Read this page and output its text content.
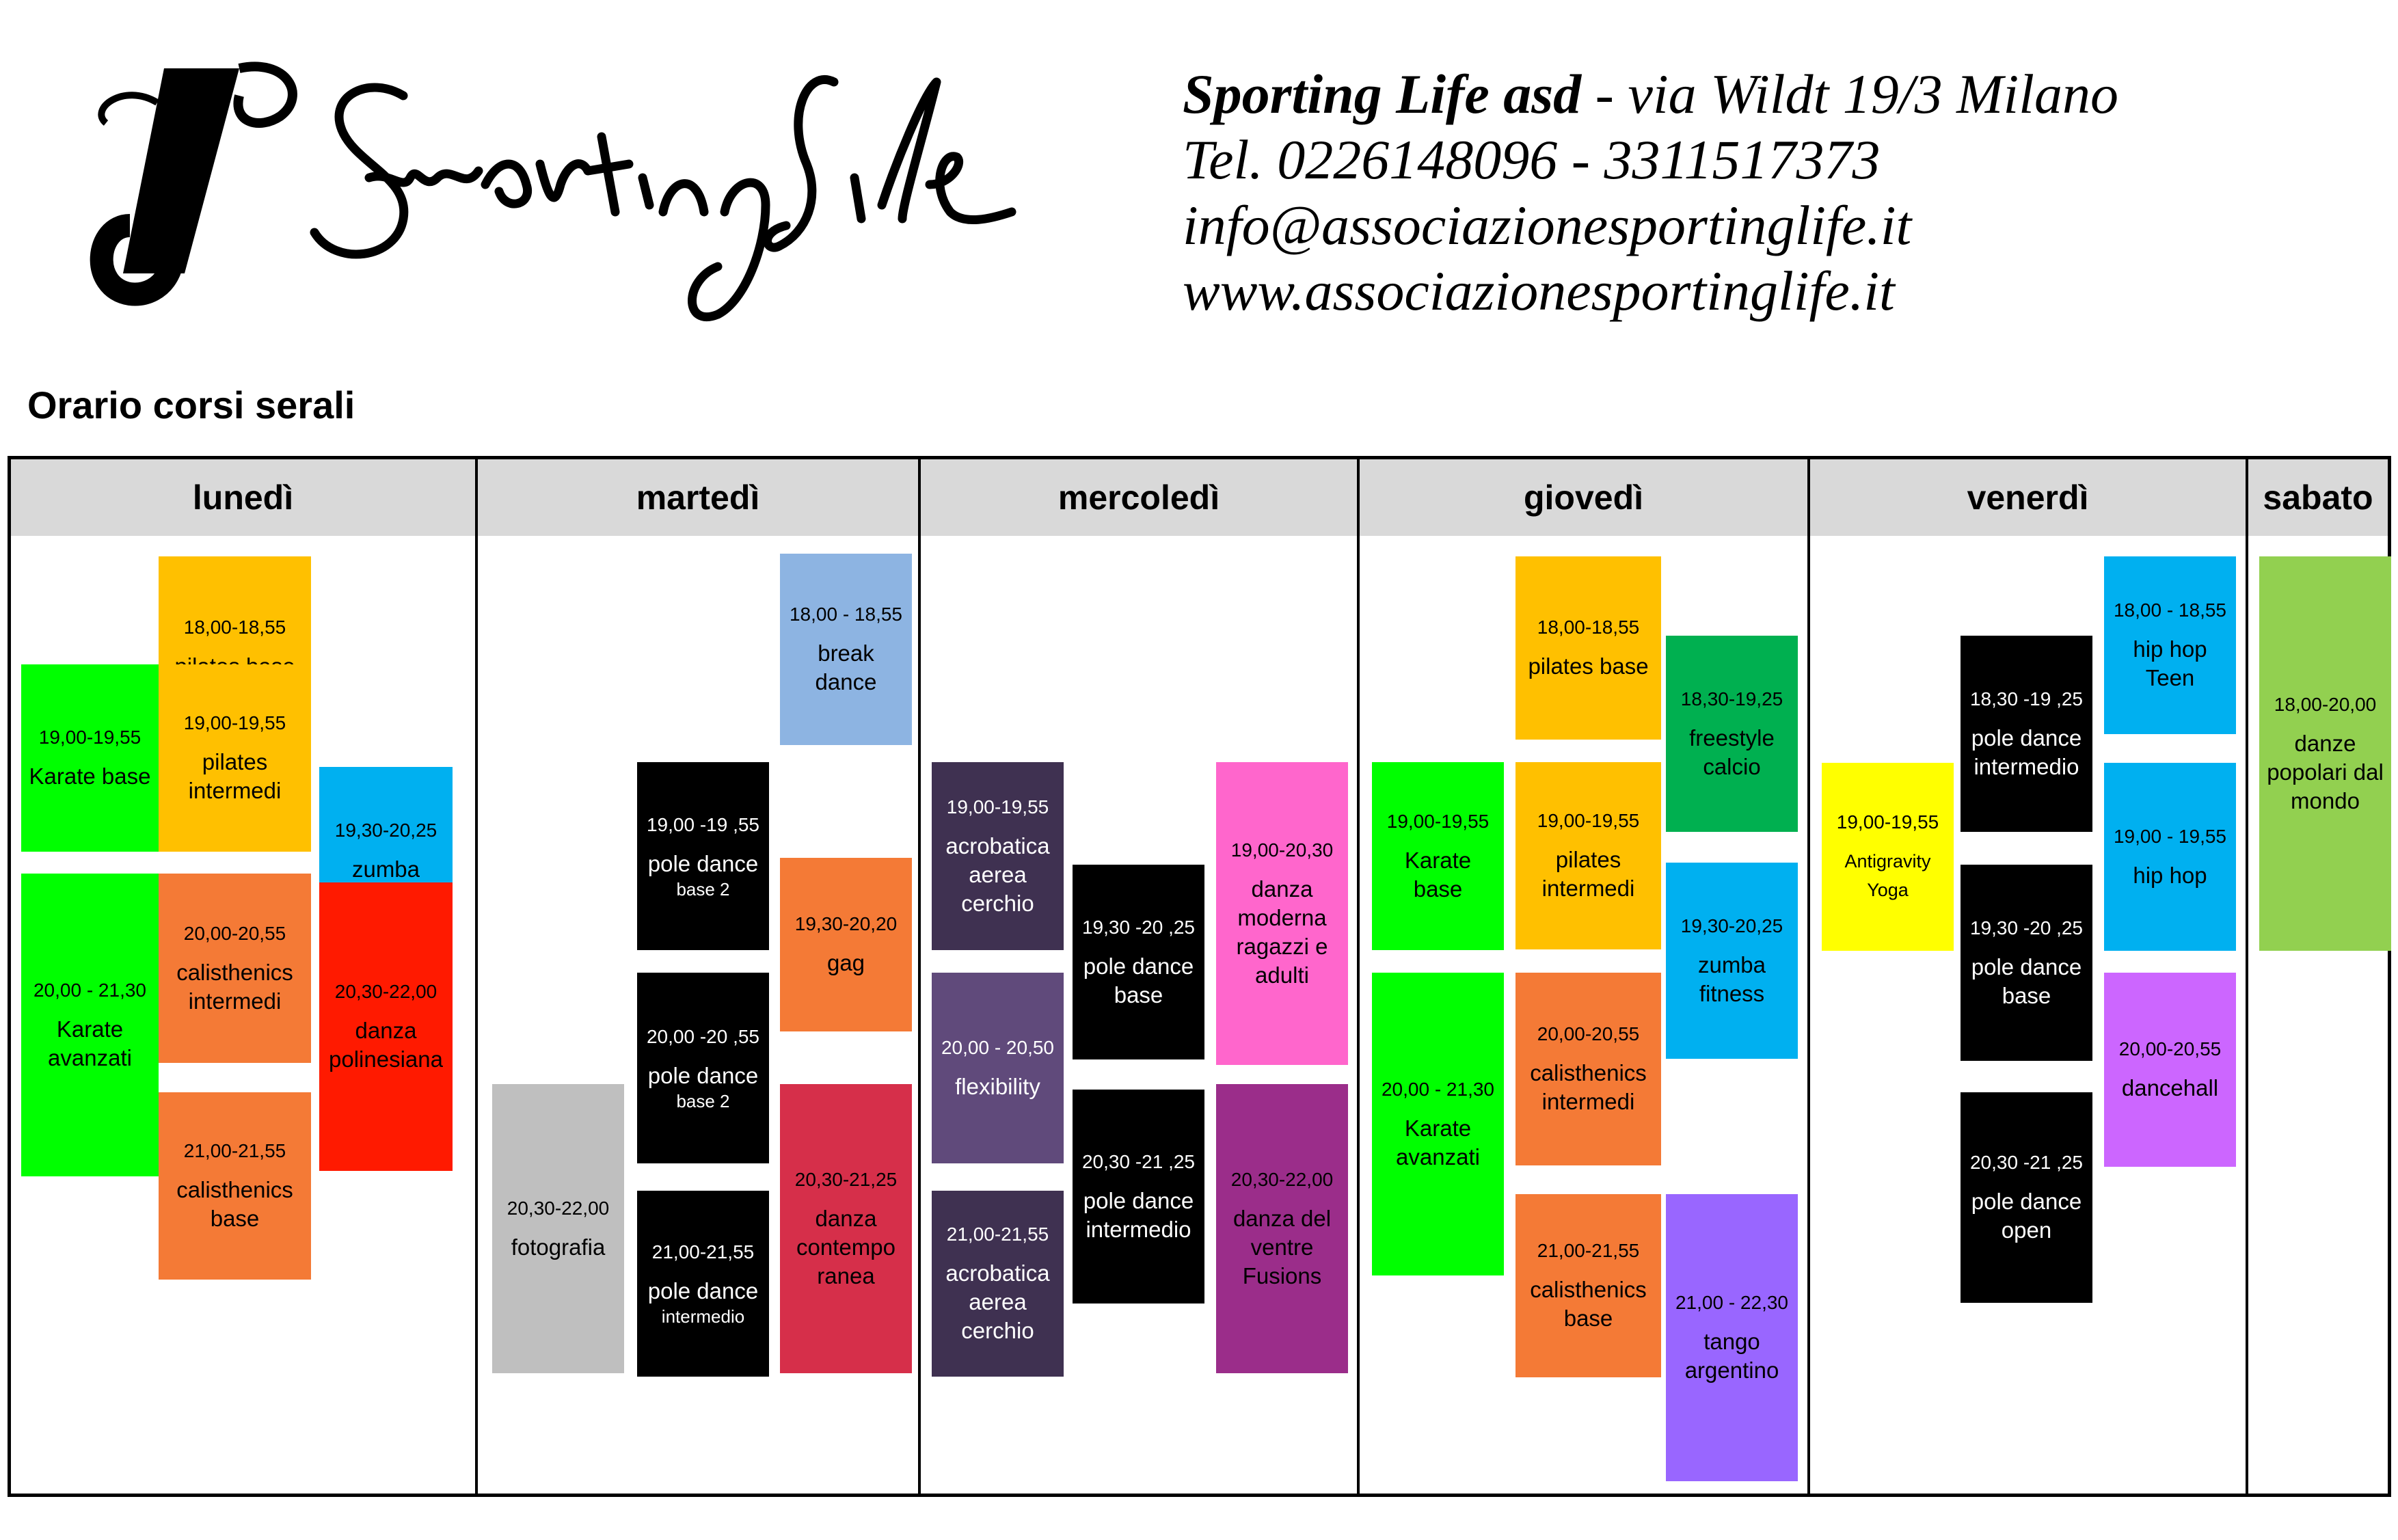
Sporting Life asd - via Wildt 19/3 Milano
Tel. 0226148096 - 3311517373
info@associazionesportinglife.it
www.associazionesportinglife.it
Orario corsi serali
lunedì
18,00-18,55
19,00-19,55
Karate base
19,00-19,55
pilates intermedi
19,30-20,25
zumba
20,00 - 21,30
Karate avanzati
20,00-20,55
calisthenics intermedi	20,30-22,00
danza polinesiana
21,00-21,55
calisthenics base
martedì
18,00 - 18,55
break dance
19,00 -19 ,55
pole dance
base 2
19,30-20,20
gag
20,00 -20 ,55
pole dance
base 2
20,30-22,00
fotografia
20,30-21,25
danza contempo ranea
21,00-21,55
pole dance
intermedio
mercoledì
19,00-19,55
acrobatica aerea cerchio
19,00-20,30
danza moderna ragazzi e adulti
19,30 -20 ,25
pole dance base
20,00 - 20,50
flexibility
20,30 -21 ,25
pole dance intermedio
20,30-22,00
danza del ventre Fusions
21,00-21,55
acrobatica aerea cerchio
giovedì
18,00-18,55
pilates base
18,30-19,25
freestyle calcio
19,00-19,55
Karate base
19,00-19,55
pilates intermedi
19,30-20,25
zumba fitness
20,00 - 21,30
Karate avanzati
20,00-20,55
calisthenics intermedi
21,00-21,55
calisthenics base
21,00 - 22,30
tango argentino
venerdì
18,00 - 18,55
hip hop Teen
18,30 -19 ,25
pole dance intermedio
19,00-19,55
Antigravity Yoga
19,00 - 19,55
hip hop
19,30 -20 ,25
pole dance base
20,00-20,55
dancehall
20,30 -21 ,25
pole dance open
sabato
18,00-20,00
danze popolari dal mondo
